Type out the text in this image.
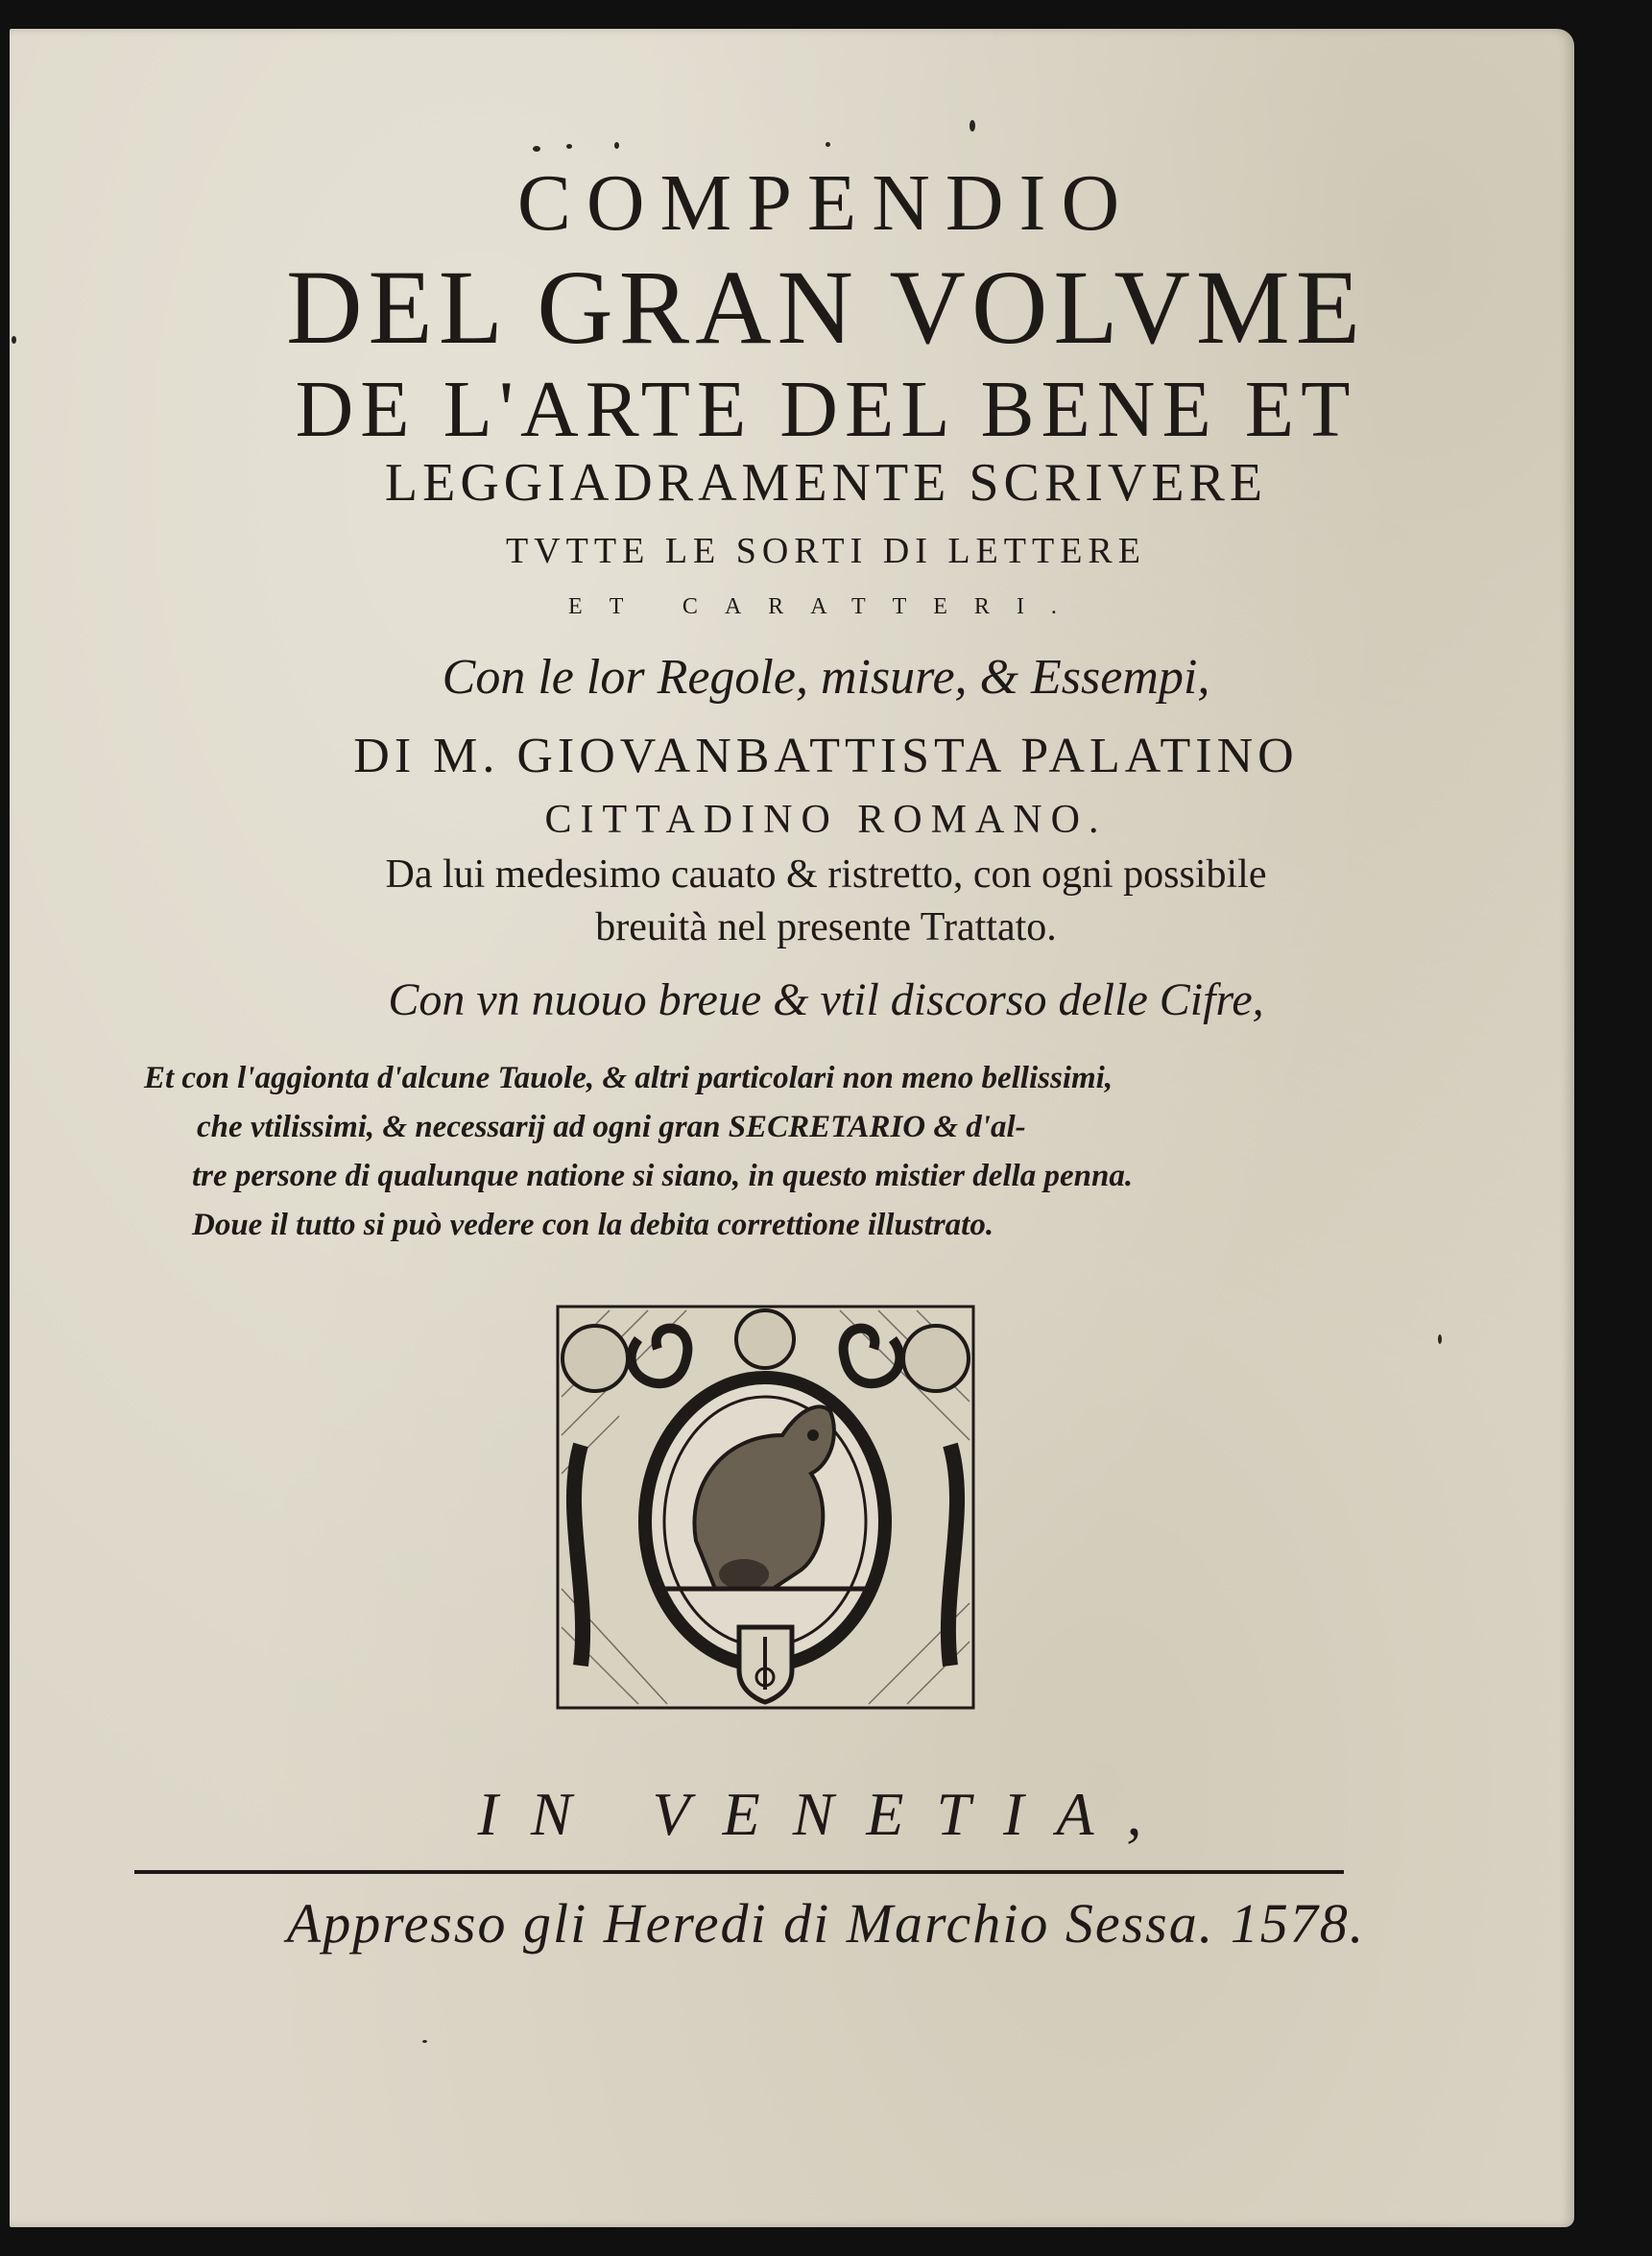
COMPENDIO
DEL GRAN VOLVME
DE L'ARTE DEL BENE ET
LEGGIADRAMENTE SCRIVERE
TVTTE LE SORTI DI LETTERE
ET CARATTERI.
Con le lor Regole, misure, & Essempi,
DI M. GIOVANBATTISTA PALATINO
CITTADINO ROMANO.
Da lui medesimo cauato & ristretto, con ogni possibile
breuità nel presente Trattato.
Con vn nuouo breue & vtil discorso delle Cifre,
Et con l'aggionta d'alcune Tauole, & altri particolari non meno bellissimi,
che vtilissimi, & necessarij ad ogni gran SECRETARIO & d'al-
tre persone di qualunque natione si siano, in questo mistier della penna.
Doue il tutto si può vedere con la debita correttione illustrato.
IN VENETIA,
Appresso gli Heredi di Marchio Sessa. 1578.
